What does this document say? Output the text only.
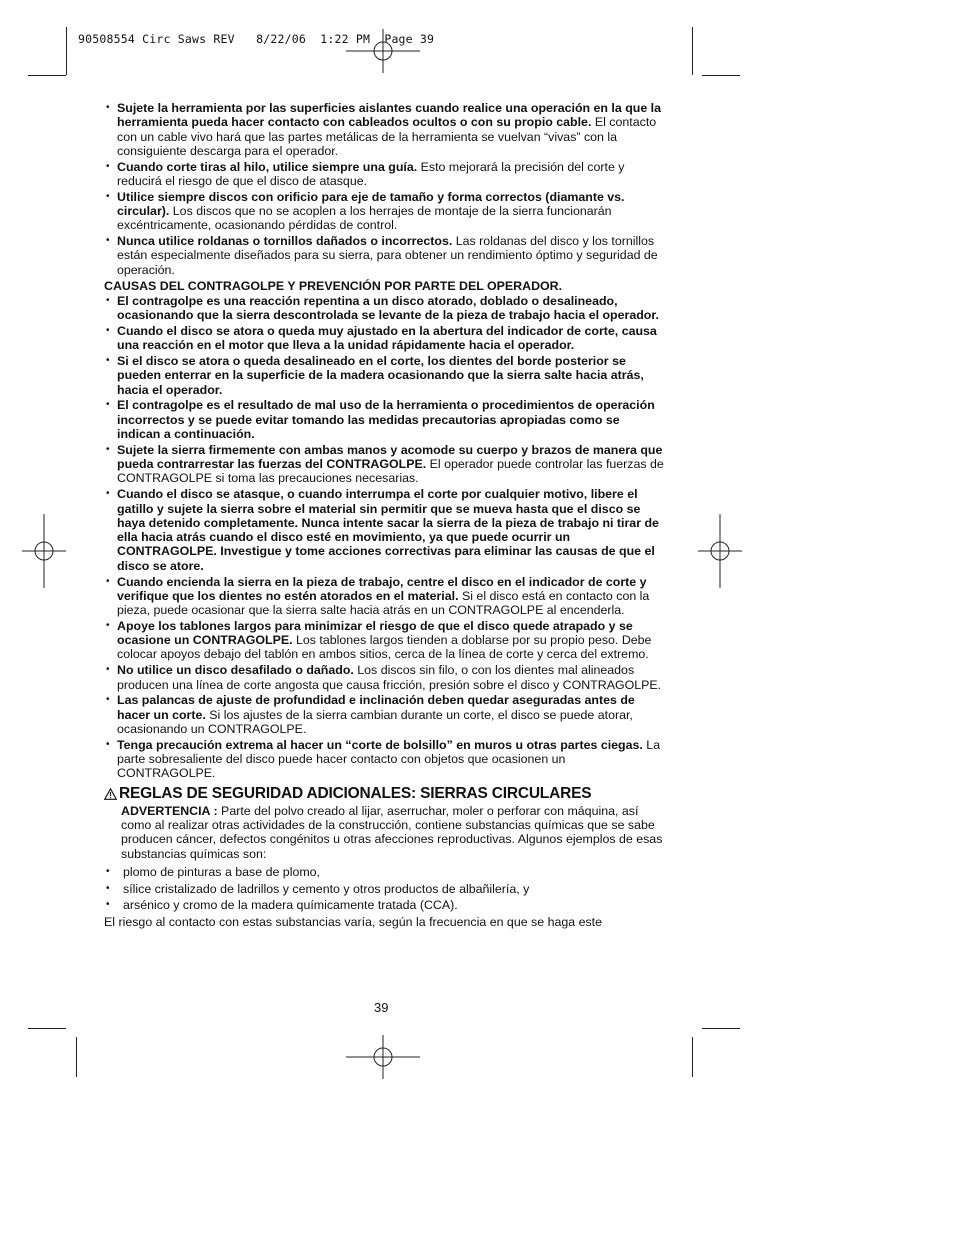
90508554 Circ Saws REV   8/22/06  1:22 PM  Page 39
• Sujete la herramienta por las superficies aislantes cuando realice una operación en la que la herramienta pueda hacer contacto con cableados ocultos o con su propio cable. El contacto con un cable vivo hará que las partes metálicas de la herramienta se vuelvan “vivas” con la consiguiente descarga para el operador.
• Cuando corte tiras al hilo, utilice siempre una guía. Esto mejorará la precisión del corte y reducirá el riesgo de que el disco de atasque.
• Utilice siempre discos con orificio para eje de tamaño y forma correctos (diamante vs. circular). Los discos que no se acoplen a los herrajes de montaje de la sierra funcionarán excéntricamente, ocasionando pérdidas de control.
• Nunca utilice roldanas o tornillos dañados o incorrectos. Las roldanas del disco y los tornillos están especialmente diseñados para su sierra, para obtener un rendimiento óptimo y seguridad de operación.
CAUSAS DEL CONTRAGOLPE Y PREVENCIÓN POR PARTE DEL OPERADOR.
• El contragolpe es una reacción repentina a un disco atorado, doblado o desalineado, ocasionando que la sierra descontrolada se levante de la pieza de trabajo hacia el operador.
• Cuando el disco se atora o queda muy ajustado en la abertura del indicador de corte, causa una reacción en el motor que lleva a la unidad rápidamente hacia el operador.
• Si el disco se atora o queda desalineado en el corte, los dientes del borde posterior se pueden enterrar en la superficie de la madera ocasionando que la sierra salte hacia atrás, hacia el operador.
• El contragolpe es el resultado de mal uso de la herramienta o procedimientos de operación incorrectos y se puede evitar tomando las medidas precautorias apropiadas como se indican a continuación.
• Sujete la sierra firmemente con ambas manos y acomode su cuerpo y brazos de manera que pueda contrarrestar las fuerzas del CONTRAGOLPE. El operador puede controlar las fuerzas de CONTRAGOLPE si toma las precauciones necesarias.
• Cuando el disco se atasque, o cuando interrumpa el corte por cualquier motivo, libere el gatillo y sujete la sierra sobre el material sin permitir que se mueva hasta que el disco se haya detenido completamente. Nunca intente sacar la sierra de la pieza de trabajo ni tirar de ella hacia atrás cuando el disco esté en movimiento, ya que puede ocurrir un CONTRAGOLPE. Investigue y tome acciones correctivas para eliminar las causas de que el disco se atore.
• Cuando encienda la sierra en la pieza de trabajo, centre el disco en el indicador de corte y verifique que los dientes no estén atorados en el material. Si el disco está en contacto con la pieza, puede ocasionar que la sierra salte hacia atrás en un CONTRAGOLPE al encenderla.
• Apoye los tablones largos para minimizar el riesgo de que el disco quede atrapado y se ocasione un CONTRAGOLPE. Los tablones largos tienden a doblarse por su propio peso. Debe colocar apoyos debajo del tablón en ambos sitios, cerca de la línea de corte y cerca del extremo.
• No utilice un disco desafilado o dañado. Los discos sin filo, o con los dientes mal alineados producen una línea de corte angosta que causa fricción, presión sobre el disco y CONTRAGOLPE.
• Las palancas de ajuste de profundidad e inclinación deben quedar aseguradas antes de hacer un corte. Si los ajustes de la sierra cambian durante un corte, el disco se puede atorar, ocasionando un CONTRAGOLPE.
• Tenga precaución extrema al hacer un “corte de bolsillo” en muros u otras partes ciegas. La parte sobresaliente del disco puede hacer contacto con objetos que ocasionen un CONTRAGOLPE.
REGLAS DE SEGURIDAD ADICIONALES: SIERRAS CIRCULARES
ADVERTENCIA : Parte del polvo creado al lijar, aserruchar, moler o perforar con máquina, así como al realizar otras actividades de la construcción, contiene substancias químicas que se sabe producen cáncer, defectos congénitos u otras afecciones reproductivas. Algunos ejemplos de esas substancias químicas son:
• plomo de pinturas a base de plomo,
• sílice cristalizado de ladrillos y cemento y otros productos de albañilería, y
• arsénico y cromo de la madera químicamente tratada (CCA).
El riesgo al contacto con estas substancias varía, según la frecuencia en que se haga este
39
